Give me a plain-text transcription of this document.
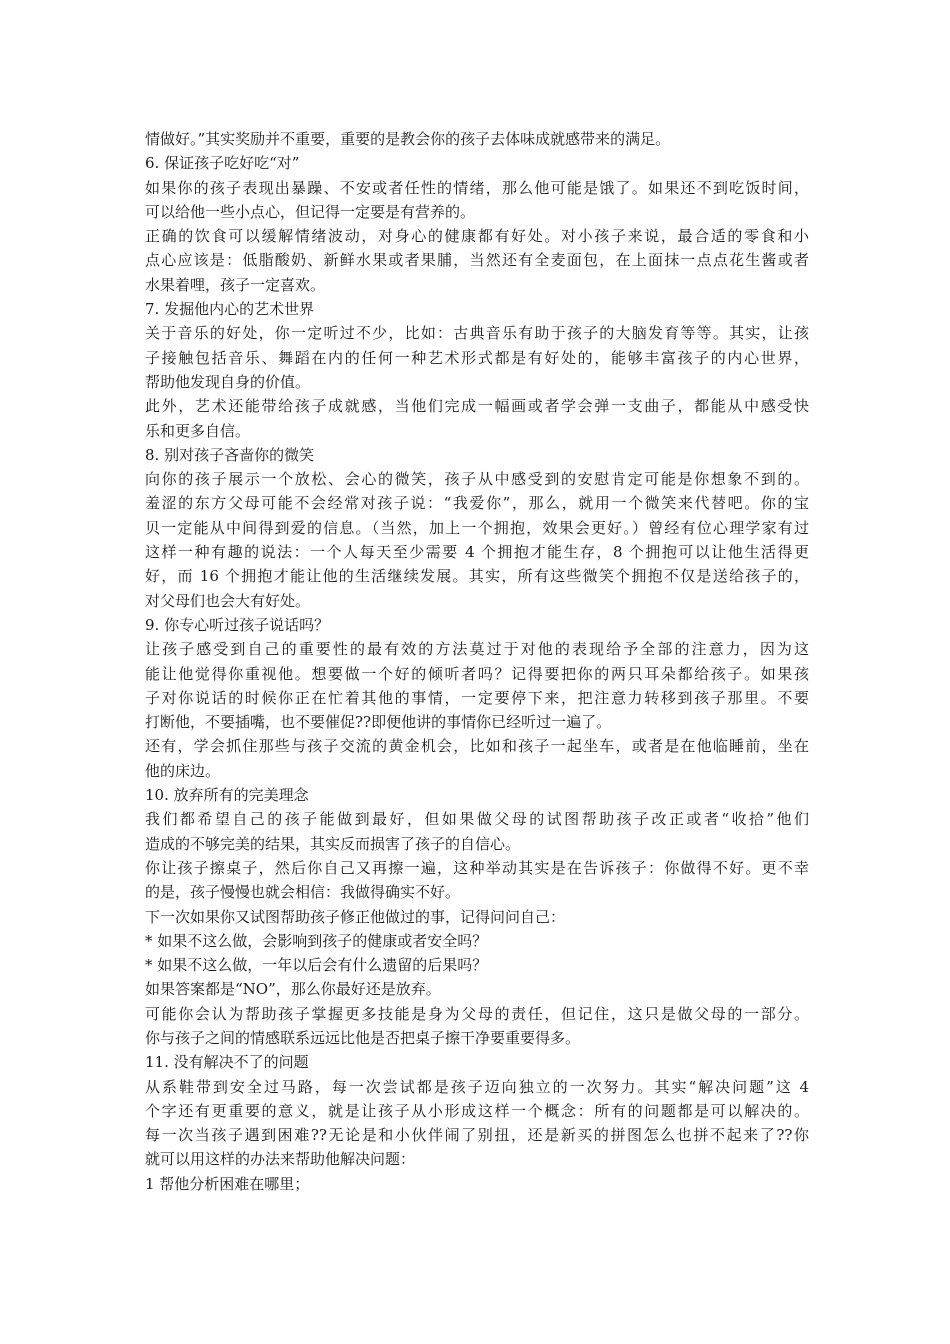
情做好。”其实奖励并不重要，重要的是教会你的孩子去体味成就感带来的满足。
6. 保证孩子吃好吃“对”
如果你的孩子表现出暴躁、不安或者任性的情绪，那么他可能是饿了。如果还不到吃饭时间，
可以给他一些小点心，但记得一定要是有营养的。
正确的饮食可以缓解情绪波动，对身心的健康都有好处。对小孩子来说，最合适的零食和小
点心应该是：低脂酸奶、新鲜水果或者果脯，当然还有全麦面包，在上面抹一点点花生酱或者
水果着哩，孩子一定喜欢。
7. 发掘他内心的艺术世界
关于音乐的好处，你一定听过不少，比如：古典音乐有助于孩子的大脑发育等等。其实，让孩
子接触包括音乐、舞蹈在内的任何一种艺术形式都是有好处的，能够丰富孩子的内心世界，
帮助他发现自身的价值。
此外，艺术还能带给孩子成就感，当他们完成一幅画或者学会弹一支曲子，都能从中感受快
乐和更多自信。
8. 别对孩子吝啬你的微笑
向你的孩子展示一个放松、会心的微笑，孩子从中感受到的安慰肯定可能是你想象不到的。
羞涩的东方父母可能不会经常对孩子说：“我爱你”，那么，就用一个微笑来代替吧。你的宝
贝一定能从中间得到爱的信息。（当然，加上一个拥抱，效果会更好。）曾经有位心理学家有过
这样一种有趣的说法：一个人每天至少需要 4 个拥抱才能生存，8 个拥抱可以让他生活得更
好，而 16 个拥抱才能让他的生活继续发展。其实，所有这些微笑个拥抱不仅是送给孩子的，
对父母们也会大有好处。
9. 你专心听过孩子说话吗？
让孩子感受到自己的重要性的最有效的方法莫过于对他的表现给予全部的注意力，因为这
能让他觉得你重视他。想要做一个好的倾听者吗？记得要把你的两只耳朵都给孩子。如果孩
子对你说话的时候你正在忙着其他的事情，一定要停下来，把注意力转移到孩子那里。不要
打断他，不要插嘴，也不要催促??即便他讲的事情你已经听过一遍了。
还有，学会抓住那些与孩子交流的黄金机会，比如和孩子一起坐车，或者是在他临睡前，坐在
他的床边。
10. 放弃所有的完美理念
我们都希望自己的孩子能做到最好，但如果做父母的试图帮助孩子改正或者“收拾”他们
造成的不够完美的结果，其实反而损害了孩子的自信心。
你让孩子擦桌子，然后你自己又再擦一遍，这种举动其实是在告诉孩子：你做得不好。更不幸
的是，孩子慢慢也就会相信：我做得确实不好。
下一次如果你又试图帮助孩子修正他做过的事，记得问问自己：
* 如果不这么做，会影响到孩子的健康或者安全吗？
* 如果不这么做，一年以后会有什么遗留的后果吗？
如果答案都是“NO”，那么你最好还是放弃。
可能你会认为帮助孩子掌握更多技能是身为父母的责任，但记住，这只是做父母的一部分。
你与孩子之间的情感联系远远比他是否把桌子擦干净要重要得多。
11. 没有解决不了的问题
从系鞋带到安全过马路，每一次尝试都是孩子迈向独立的一次努力。其实“解决问题”这 4
个字还有更重要的意义，就是让孩子从小形成这样一个概念：所有的问题都是可以解决的。
每一次当孩子遇到困难??无论是和小伙伴闹了别扭，还是新买的拼图怎么也拼不起来了??你
就可以用这样的办法来帮助他解决问题：
1 帮他分析困难在哪里；
